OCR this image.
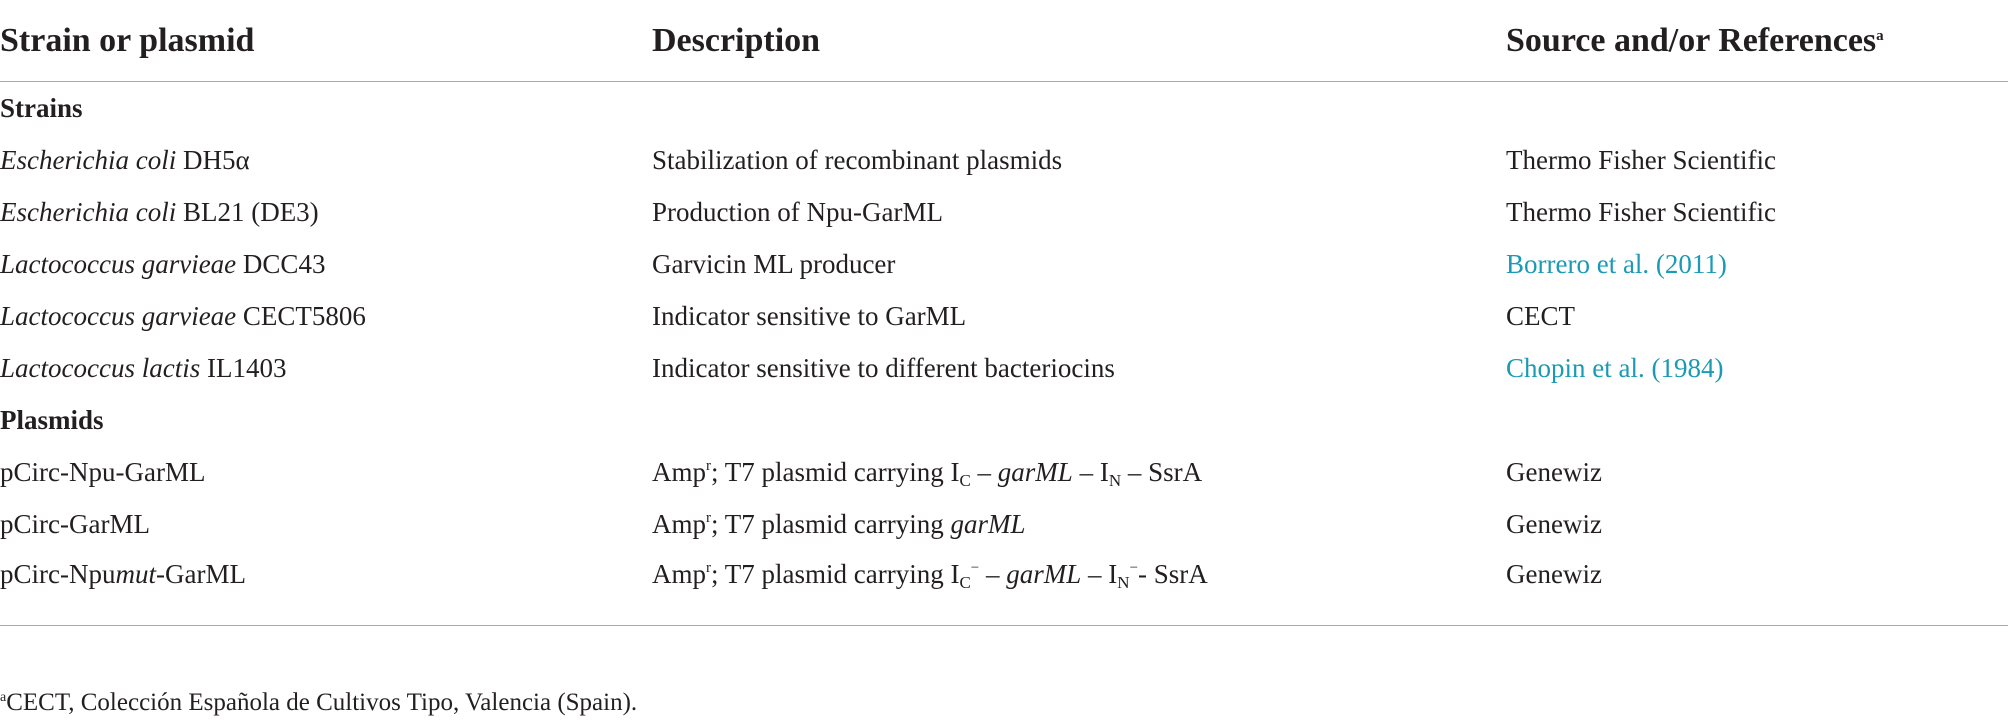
Strain or plasmid	Description	Source and/or References$^a$
Strains		
Escherichia coli DH5α	Stabilization of recombinant plasmids	Thermo Fisher Scientific
Escherichia coli BL21 (DE3)	Production of Npu-GarML	Thermo Fisher Scientific
Lactococcus garvieae DCC43	Garvicin ML producer	Borrero et al. (2011)
Lactococcus garvieae CECT5806	Indicator sensitive to GarML	CECT
Lactococcus lactis IL1403	Indicator sensitive to different bacteriocins	Chopin et al. (1984)
Plasmids		
pCirc-Npu-GarML	Amp$^r$; T7 plasmid carrying $I_C$ – garML – $I_N$ – SsrA	Genewiz
pCirc-GarML	Amp$^r$; T7 plasmid carrying garML	Genewiz
pCirc-Npumut-GarML	Amp$^r$; T7 plasmid carrying $I_C^-$ – garML – $I_N^--$ SsrA	Genewiz
$^a$CECT, Colección Española de Cultivos Tipo, Valencia (Spain).
